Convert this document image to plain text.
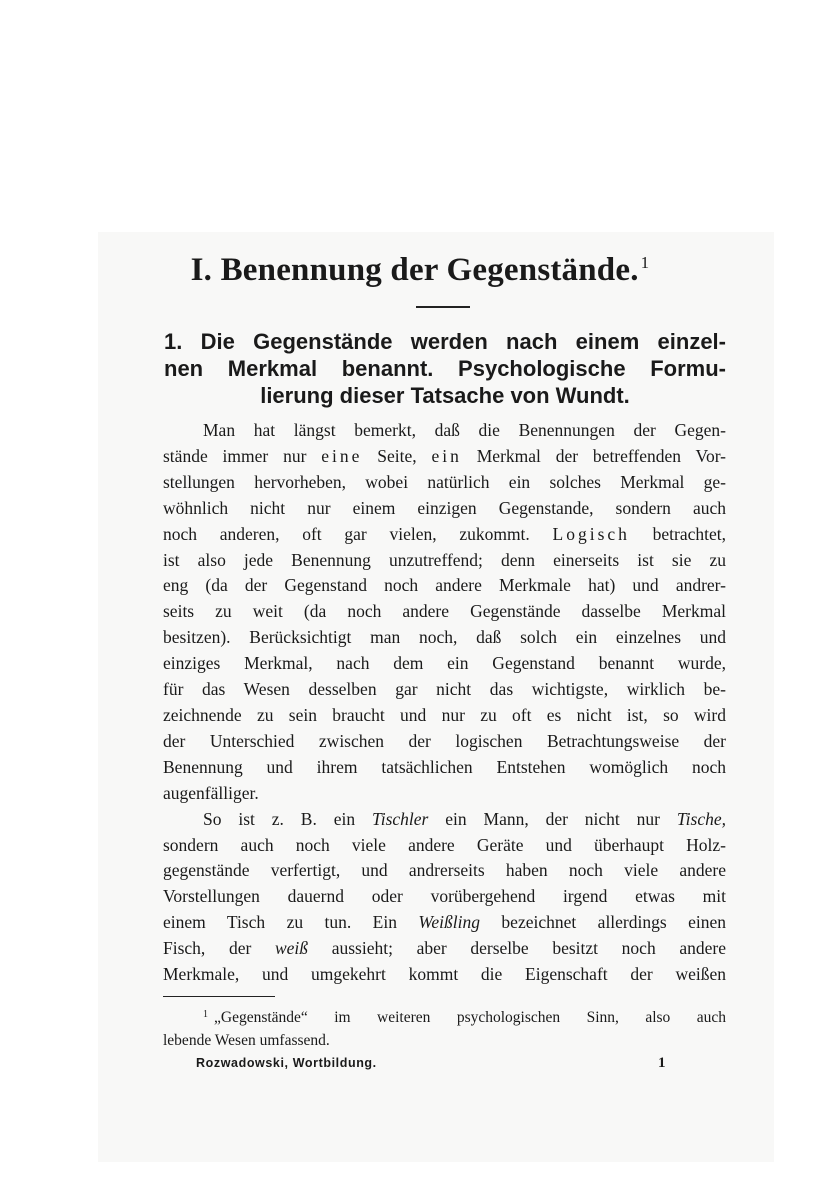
I. Benennung der Gegenstände. $^1$
1. Die Gegenstände werden nach einem einzel-
nen Merkmal benannt. Psychologische Formu-
lierung dieser Tatsache von Wundt.
Man hat längst bemerkt, daß die Benennungen der Gegen-
stände immer nur eine Seite, ein Merkmal der betreffenden Vor-
stellungen hervorheben, wobei natürlich ein solches Merkmal ge-
wöhnlich nicht nur einem einzigen Gegenstande, sondern auch
noch anderen, oft gar vielen, zukommt. Logisch betrachtet,
ist also jede Benennung unzutreffend; denn einerseits ist sie zu
eng (da der Gegenstand noch andere Merkmale hat) und andrer-
seits zu weit (da noch andere Gegenstände dasselbe Merkmal
besitzen). Berücksichtigt man noch, daß solch ein einzelnes und
einziges Merkmal, nach dem ein Gegenstand benannt wurde,
für das Wesen desselben gar nicht das wichtigste, wirklich be-
zeichnende zu sein braucht und nur zu oft es nicht ist, so wird
der Unterschied zwischen der logischen Betrachtungsweise der
Benennung und ihrem tatsächlichen Entstehen womöglich noch
augenfälliger.
So ist z. B. ein Tischler ein Mann, der nicht nur Tische,
sondern auch noch viele andere Geräte und überhaupt Holz-
gegenstände verfertigt, und andrerseits haben noch viele andere
Vorstellungen dauernd oder vorübergehend irgend etwas mit
einem Tisch zu tun. Ein Weißling bezeichnet allerdings einen
Fisch, der weiß aussieht; aber derselbe besitzt noch andere
Merkmale, und umgekehrt kommt die Eigenschaft der weißen
$^1$ „Gegenstände“ im weiteren psychologischen Sinn, also auch
lebende Wesen umfassend.
Rozwadowski, Wortbildung.	1
